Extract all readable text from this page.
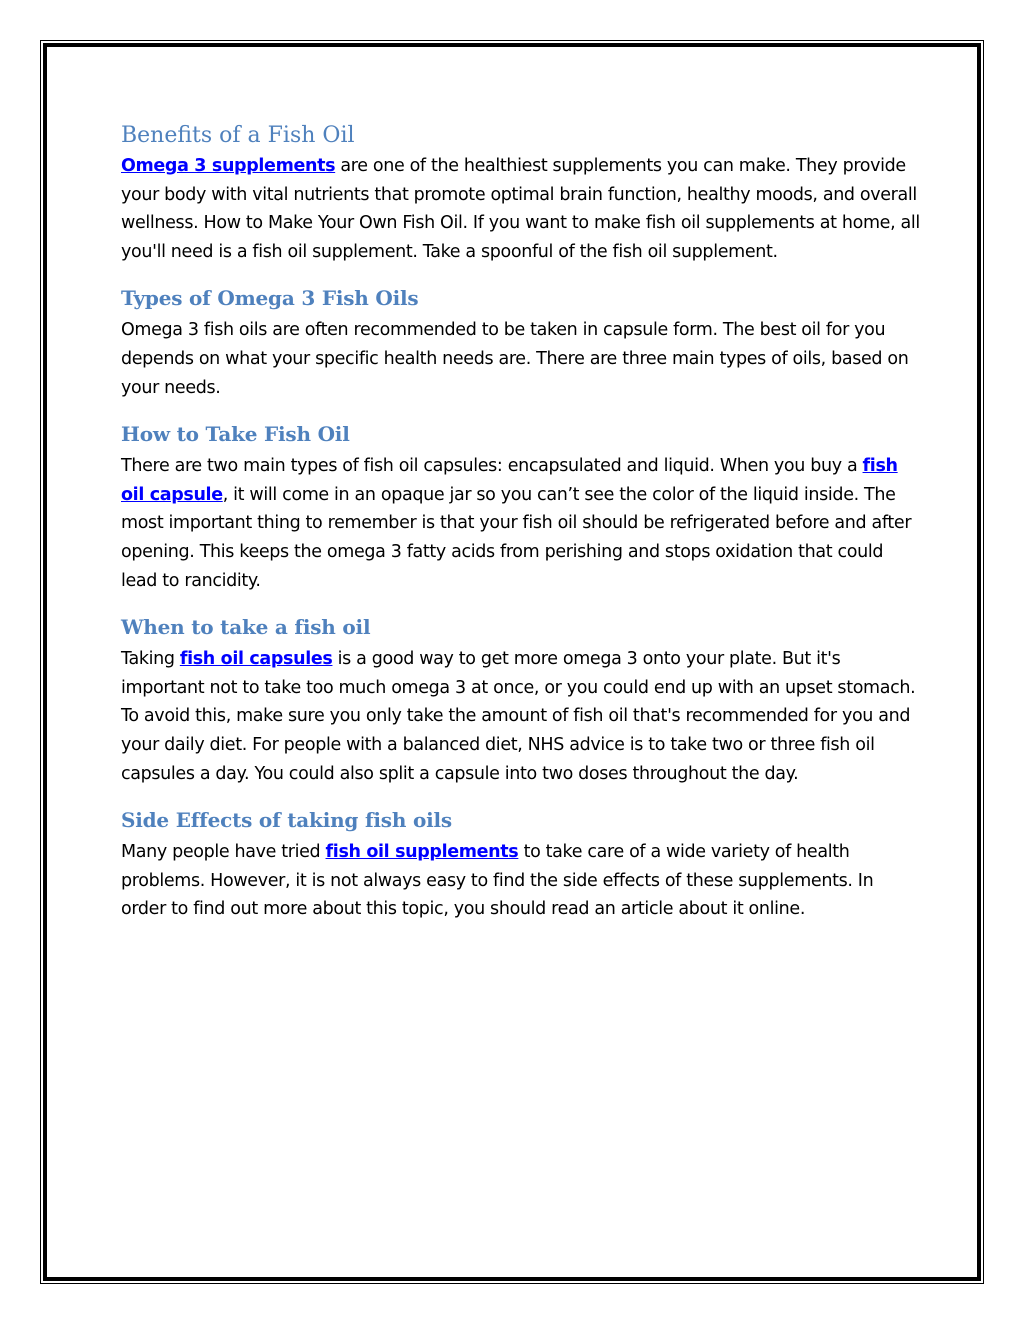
Benefits of a Fish Oil

Omega 3 supplements are one of the healthiest supplements you can make. They provide your body with vital nutrients that promote optimal brain function, healthy moods, and overall wellness. How to Make Your Own Fish Oil. If you want to make fish oil supplements at home, all you'll need is a fish oil supplement. Take a spoonful of the fish oil supplement.

Types of Omega 3 Fish Oils

Omega 3 fish oils are often recommended to be taken in capsule form. The best oil for you depends on what your specific health needs are. There are three main types of oils, based on your needs.

How to Take Fish Oil

There are two main types of fish oil capsules: encapsulated and liquid. When you buy a fish oil capsule, it will come in an opaque jar so you can’t see the color of the liquid inside. The most important thing to remember is that your fish oil should be refrigerated before and after opening. This keeps the omega 3 fatty acids from perishing and stops oxidation that could lead to rancidity.

When to take a fish oil

Taking fish oil capsules is a good way to get more omega 3 onto your plate. But it's important not to take too much omega 3 at once, or you could end up with an upset stomach. To avoid this, make sure you only take the amount of fish oil that's recommended for you and your daily diet. For people with a balanced diet, NHS advice is to take two or three fish oil capsules a day. You could also split a capsule into two doses throughout the day.

Side Effects of taking fish oils

Many people have tried fish oil supplements to take care of a wide variety of health problems. However, it is not always easy to find the side effects of these supplements. In order to find out more about this topic, you should read an article about it online.
